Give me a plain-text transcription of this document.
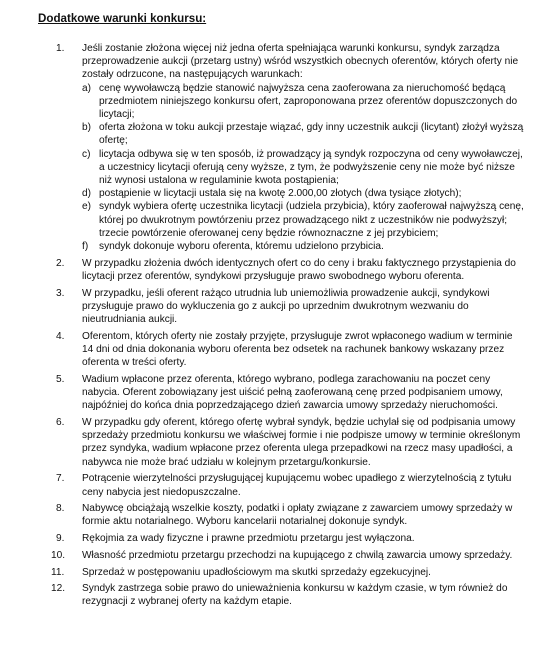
Dodatkowe warunki konkursu:
1.	Jeśli zostanie złożona więcej niż jedna oferta spełniająca warunki konkursu, syndyk zarządza przeprowadzenie aukcji (przetarg ustny) wśród wszystkich obecnych oferentów, których oferty nie zostały odrzucone, na następujących warunkach:
a) cenę wywoławczą będzie stanowić najwyższa cena zaoferowana za nieruchomość będącą przedmiotem niniejszego konkursu ofert, zaproponowana przez oferentów dopuszczonych do licytacji;
b) oferta złożona w toku aukcji przestaje wiązać, gdy inny uczestnik aukcji (licytant) złożył wyższą ofertę;
c) licytacja odbywa się w ten sposób, iż prowadzący ją syndyk rozpoczyna od ceny wywoławczej, a uczestnicy licytacji oferują ceny wyższe, z tym, że podwyższenie ceny nie może być niższe niż wynosi ustalona w regulaminie kwota postąpienia;
d) postąpienie w licytacji ustala się na kwotę 2.000,00 złotych (dwa tysiące złotych);
e) syndyk wybiera ofertę uczestnika licytacji (udziela przybicia), który zaoferował najwyższą cenę, której po dwukrotnym powtórzeniu przez prowadzącego nikt z uczestników nie podwyższył; trzecie powtórzenie oferowanej ceny będzie równoznaczne z jej przybiciem;
f) syndyk dokonuje wyboru oferenta, któremu udzielono przybicia.
2.	W przypadku złożenia dwóch identycznych ofert co do ceny i braku faktycznego przystąpienia do licytacji przez oferentów, syndykowi przysługuje prawo swobodnego wyboru oferenta.
3.	W przypadku, jeśli oferent rażąco utrudnia lub uniemożliwia prowadzenie aukcji, syndykowi przysługuje prawo do wykluczenia go z aukcji po uprzednim dwukrotnym wezwaniu do nieutrudniania aukcji.
4.	Oferentom, których oferty nie zostały przyjęte, przysługuje zwrot wpłaconego wadium w terminie 14 dni od dnia dokonania wyboru oferenta bez odsetek na rachunek bankowy wskazany przez oferenta w treści oferty.
5.	Wadium wpłacone przez oferenta, którego wybrano, podlega zarachowaniu na poczet ceny nabycia. Oferent zobowiązany jest uiścić pełną zaoferowaną cenę przed podpisaniem umowy, najpóźniej do końca dnia poprzedzającego dzień zawarcia umowy sprzedaży nieruchomości.
6.	W przypadku gdy oferent, którego ofertę wybrał syndyk, będzie uchylał się od podpisania umowy sprzedaży przedmiotu konkursu we właściwej formie i nie podpisze umowy w terminie określonym przez syndyka, wadium wpłacone przez oferenta ulega przepadkowi na rzecz masy upadłości, a nabywca nie może brać udziału w kolejnym przetargu/konkursie.
7.	Potrącenie wierzytelności przysługującej kupującemu wobec upadłego z wierzytelnością z tytułu ceny nabycia jest niedopuszczalne.
8.	Nabywcę obciążają wszelkie koszty, podatki i opłaty związane z zawarciem umowy sprzedaży w formie aktu notarialnego. Wyboru kancelarii notarialnej dokonuje syndyk.
9.	Rękojmia za wady fizyczne i prawne przedmiotu przetargu jest wyłączona.
10.	Własność przedmiotu przetargu przechodzi na kupującego z chwilą zawarcia umowy sprzedaży.
11.	Sprzedaż w postępowaniu upadłościowym ma skutki sprzedaży egzekucyjnej.
12.	Syndyk zastrzega sobie prawo do unieważnienia konkursu w każdym czasie, w tym również do rezygnacji z wybranej oferty na każdym etapie.
